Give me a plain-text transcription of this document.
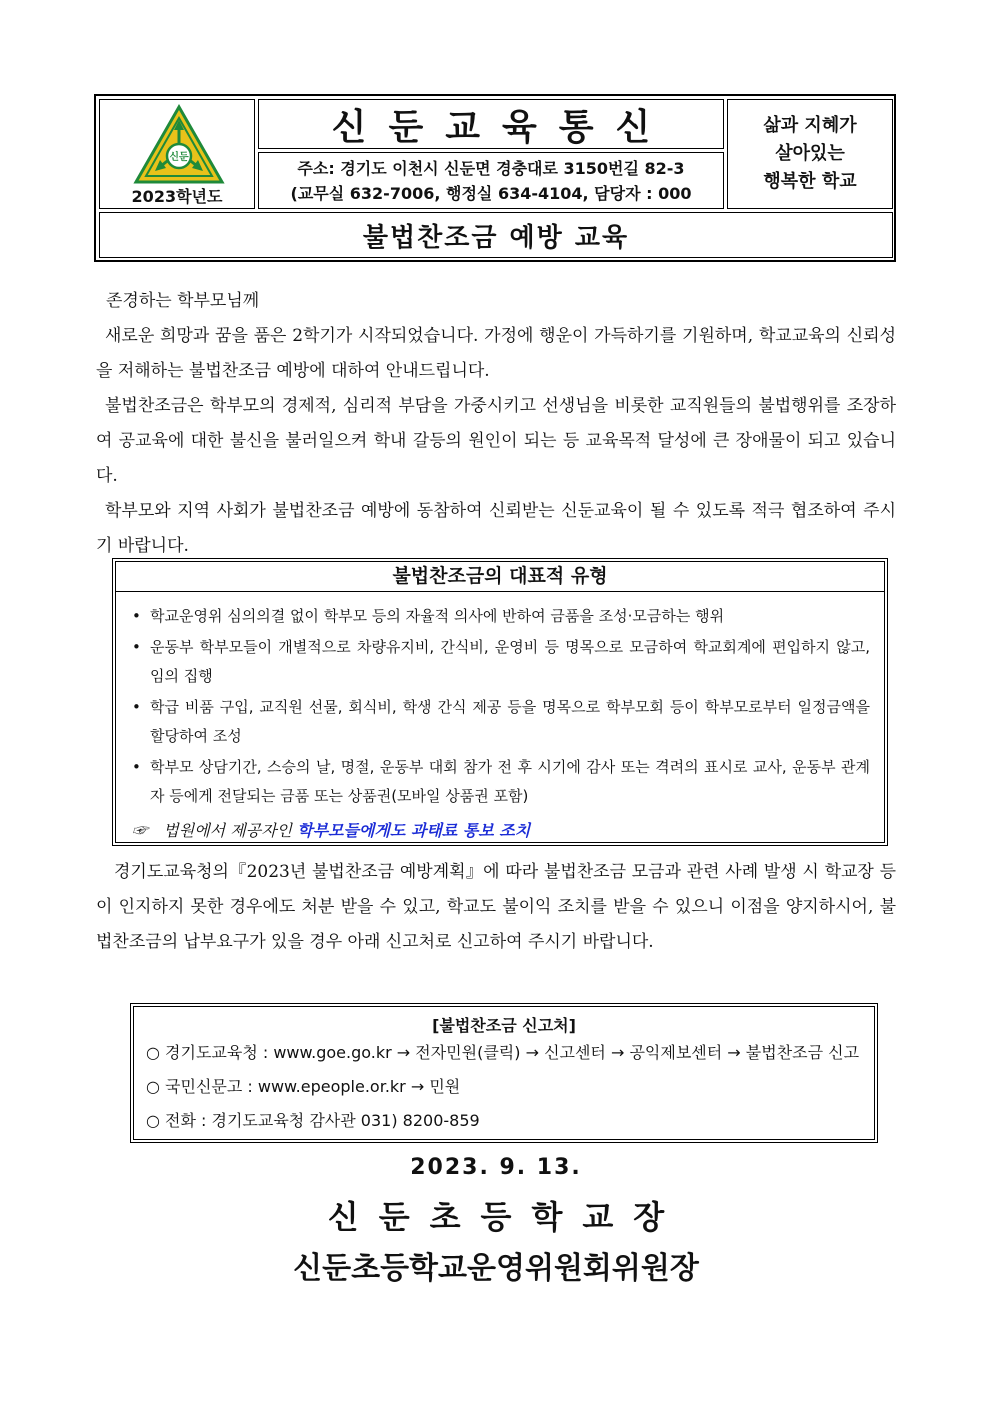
신둔
2023학년도
신둔교육통신
주소: 경기도 이천시 신둔면 경충대로 3150번길 82-3
(교무실 632-7006, 행정실 634-4104, 담당자 : 000
삶과 지혜가
살아있는
행복한 학교
불법찬조금 예방 교육
존경하는 학부모님께

새로운 희망과 꿈을 품은 2학기가 시작되었습니다. 가정에 행운이 가득하기를 기원하며, 학교교육의 신뢰성을 저해하는 불법찬조금 예방에 대하여 안내드립니다.

불법찬조금은 학부모의 경제적, 심리적 부담을 가중시키고 선생님을 비롯한 교직원들의 불법행위를 조장하여 공교육에 대한 불신을 불러일으켜 학내 갈등의 원인이 되는 등 교육목적 달성에 큰 장애물이 되고 있습니다.

학부모와 지역 사회가 불법찬조금 예방에 동참하여 신뢰받는 신둔교육이 될 수 있도록 적극 협조하여 주시기 바랍니다.

불법찬조금의 대표적 유형
• 학교운영위 심의의결 없이 학부모 등의 자율적 의사에 반하여 금품을 조성·모금하는 행위
• 운동부 학부모들이 개별적으로 차량유지비, 간식비, 운영비 등 명목으로 모금하여 학교회계에 편입하지 않고, 임의 집행
• 학급 비품 구입, 교직원 선물, 회식비, 학생 간식 제공 등을 명목으로 학부모회 등이 학부모로부터 일정금액을 할당하여 조성
• 학부모 상담기간, 스승의 날, 명절, 운동부 대회 참가 전 후 시기에 감사 또는 격려의 표시로 교사, 운동부 관계자 등에게 전달되는 금품 또는 상품권(모바일 상품권 포함)
☞ 법원에서 제공자인 학부모들에게도 과태료 통보 조치

경기도교육청의『2023년 불법찬조금 예방계획』에 따라 불법찬조금 모금과 관련 사례 발생 시 학교장 등이 인지하지 못한 경우에도 처분 받을 수 있고, 학교도 불이익 조치를 받을 수 있으니 이점을 양지하시어, 불법찬조금의 납부요구가 있을 경우 아래 신고처로 신고하여 주시기 바랍니다.

[불법찬조금 신고처]
○ 경기도교육청 : www.goe.go.kr → 전자민원(클릭) → 신고센터 → 공익제보센터 → 불법찬조금 신고
○ 국민신문고 : www.epeople.or.kr → 민원
○ 전화 : 경기도교육청 감사관 031) 8200-859
2023. 9. 13.
신둔초등학교장
신둔초등학교운영위원회위원장
